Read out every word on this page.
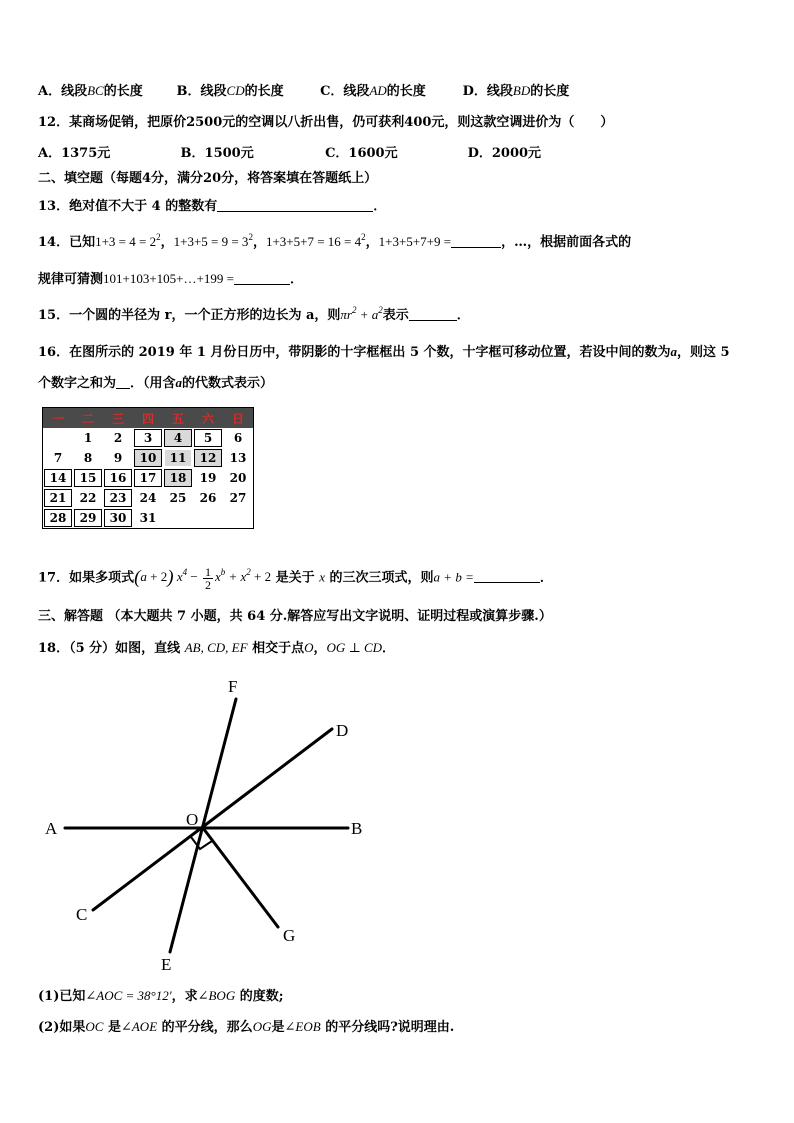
A．线段BC的长度	B．线段CD的长度	C．线段AD的长度	D．线段BD的长度
12．某商场促销，把原价2500元的空调以八折出售，仍可获利400元，则这款空调进价为（　　）
A．1375元	B．1500元	C．1600元	D．2000元
二、填空题（每题4分，满分20分，将答案填在答题纸上）
13．绝对值不大于 4 的整数有	．
14．已知$1+3 = 4 = 2^2$，$1+3+5 = 9 = 3^2$，$1+3+5+7 = 16 = 4^2$，1+3+5+7+9 =	，…，根据前面各式的
规律可猜测101+103+105+…+199 =	．
15．一个圆的半径为 r，一个正方形的边长为 a，则$\pi r^2 + a^2$表示	．
16．在图所示的 2019 年 1 月份日历中，带阴影的十字框框出 5 个数，十字框可移动位置，若设中间的数为a，则这 5
个数字之和为 ．（用含a的代数式表示）
一	二	三	四	五	六	日
	1	2	3	4	5	6
7	8	9	10	11	12	13
14	15	16	17	18	19	20
21	22	23	24	25	26	27
28	29	30	31			
17．如果多项式(a + 2) $x^4 - \frac{1}{2} x^b + x^2 + 2$ 是关于 x 的三次三项式，则a + b =	．
三、解答题 （本大题共 7 小题，共 64 分.解答应写出文字说明、证明过程或演算步骤.）
18．（5 分）如图，直线 AB, CD, EF 相交于点O，OG ⊥ CD．
A	B
C
D
E
F
G
O
(1)已知∠AOC = 38°12′，求∠BOG 的度数;
(2)如果OC 是∠AOE 的平分线，那么OG是∠EOB 的平分线吗?说明理由.
